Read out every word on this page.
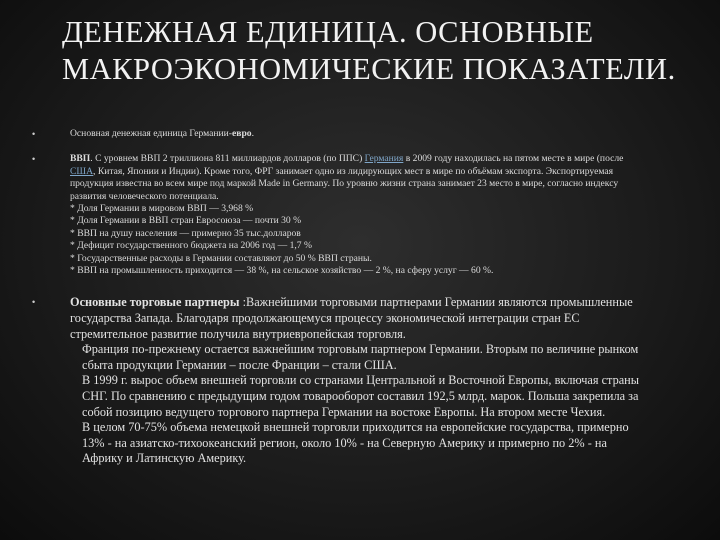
ДЕНЕЖНАЯ ЕДИНИЦА. ОСНОВНЫЕ МАКРОЭКОНОМИЧЕСКИЕ ПОКАЗАТЕЛИ.
•	Основная денежная единица Германии-евро.
•	ВВП. С уровнем ВВП 2 триллиона 811 миллиардов долларов (по ППС) Германия в 2009 году находилась на пятом месте в мире (после США, Китая, Японии и Индии). Кроме того, ФРГ занимает одно из лидирующих мест в мире по объёмам экспорта. Экспортируемая продукция известна во всем мире под маркой Made in Germany. По уровню жизни страна занимает 23 место в мире, согласно индексу развития человеческого потенциала.
* Доля Германии в мировом ВВП — 3,968 %
* Доля Германии в ВВП стран Евросоюза — почти 30 %
* ВВП на душу населения — примерно 35 тыс.долларов
* Дефицит государственного бюджета на 2006 год — 1,7 %
* Государственные расходы в Германии составляют до 50 % ВВП страны.
* ВВП на промышленность приходится — 38 %, на сельское хозяйство — 2 %, на сферу услуг — 60 %.
•	Основные торговые партнеры :Важнейшими торговыми партнерами Германии являются промышленные государства Запада. Благодаря продолжающемуся процессу экономической интеграции стран ЕС стремительное развитие получила внутриевропейская торговля.
Франция по-прежнему остается важнейшим торговым партнером Германии. Вторым по величине рынком сбыта продукции Германии – после Франции – стали США.
В 1999 г. вырос объем внешней торговли со странами Центральной и Восточной Европы, включая страны СНГ. По сравнению с предыдущим годом товарооборот составил 192,5 млрд. марок. Польша закрепила за собой позицию ведущего торгового партнера Германии на востоке Европы. На втором месте Чехия.
В целом 70-75% объема немецкой внешней торговли приходится на европейские государства, примерно 13% - на азиатско-тихоокеанский регион, около 10% - на Северную Америку и примерно по 2% - на Африку и Латинскую Америку.
